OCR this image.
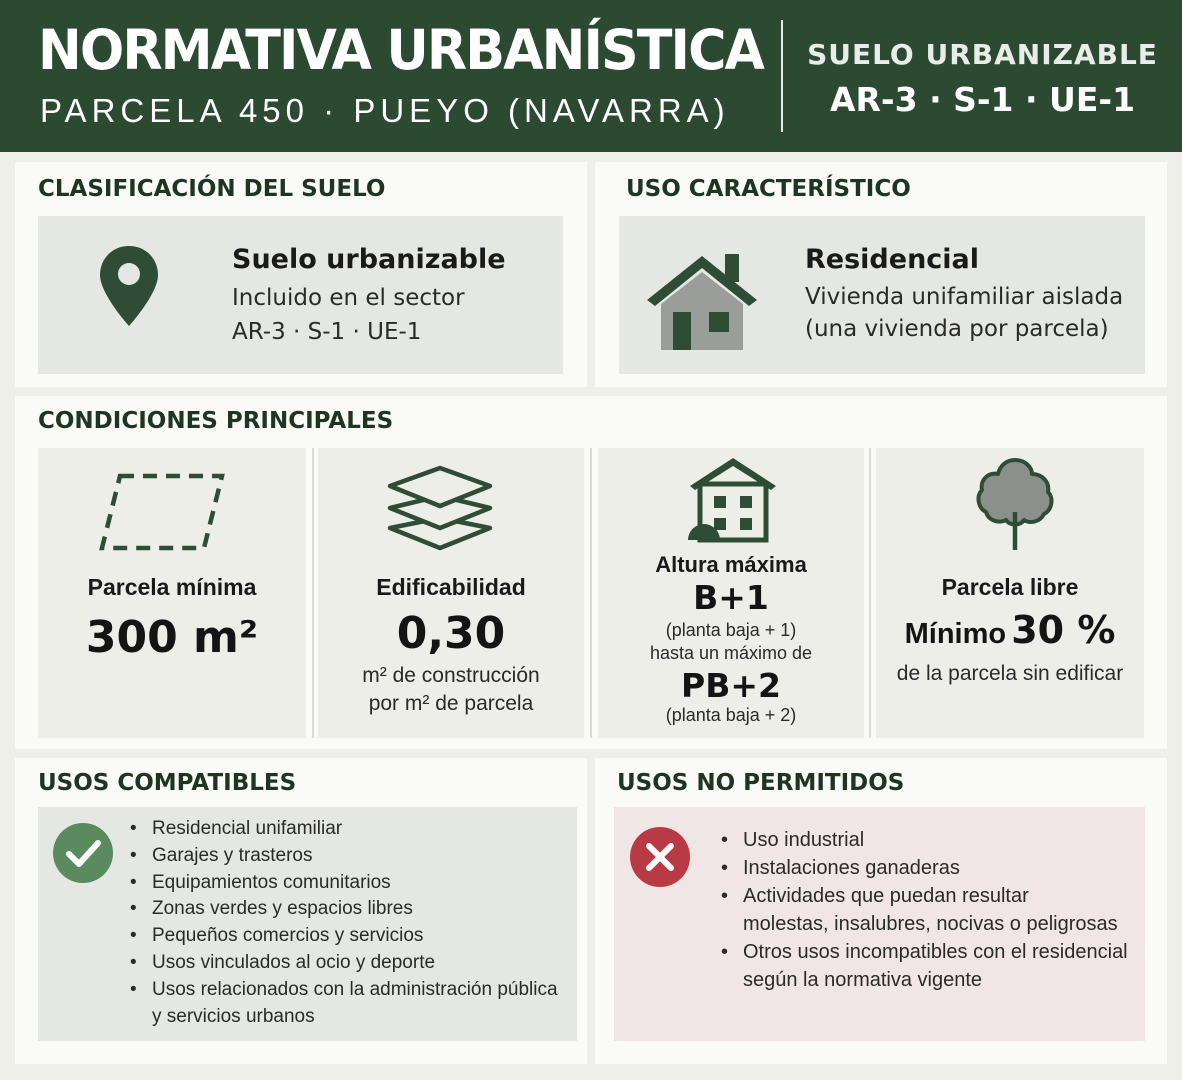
NORMATIVA URBANÍSTICA
PARCELA 450 · PUEYO (NAVARRA)
SUELO URBANIZABLE
AR-3 · S-1 · UE-1
CLASIFICACIÓN DEL SUELO
Suelo urbanizable
Incluido en el sector
AR-3 · S-1 · UE-1
USO CARACTERÍSTICO
Residencial
Vivienda unifamiliar aislada
(una vivienda por parcela)
CONDICIONES PRINCIPALES
Parcela mínima
300 m²
Edificabilidad
0,30
m² de construcción
por m² de parcela
Altura máxima
B+1
(planta baja + 1)
hasta un máximo de
PB+2
(planta baja + 2)
Parcela libre
Mínimo 30 %
de la parcela sin edificar
USOS COMPATIBLES
• Residencial unifamiliar
• Garajes y trasteros
• Equipamientos comunitarios
• Zonas verdes y espacios libres
• Pequeños comercios y servicios
• Usos vinculados al ocio y deporte
• Usos relacionados con la administración pública
y servicios urbanos
USOS NO PERMITIDOS
• Uso industrial
• Instalaciones ganaderas
• Actividades que puedan resultar
molestas, insalubres, nocivas o peligrosas
• Otros usos incompatibles con el residencial
según la normativa vigente
